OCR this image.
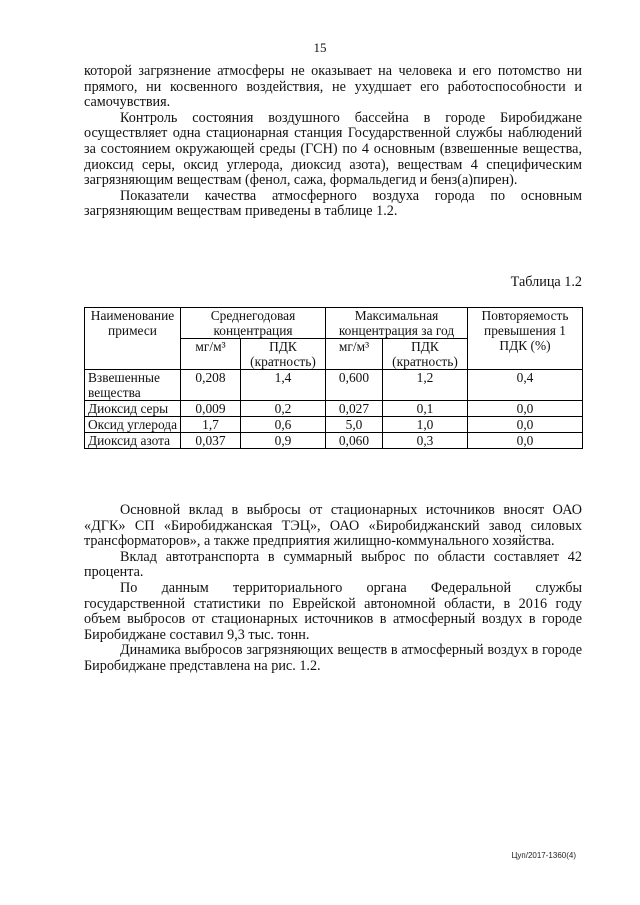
15

которой загрязнение атмосферы не оказывает на человека и его потомство ни прямого, ни косвенного воздействия, не ухудшает его работоспособности и самочувствия.

Контроль состояния воздушного бассейна в городе Биробиджане осуществляет одна стационарная станция Государственной службы наблюдений за состоянием окружающей среды (ГСН) по 4 основным (взвешенные вещества, диоксид серы, оксид углерода, диоксид азота), веществам 4 специфическим загрязняющим веществам (фенол, сажа, формальдегид и бенз(а)пирен).

Показатели качества атмосферного воздуха города по основным загрязняющим веществам приведены в таблице 1.2.

Таблица 1.2
Наименование примеси	Среднегодовая концентрация		Максимальная концентрация за год		Повторяемость превышения 1 ПДК (%)
	мг/м³	ПДК (кратность)	мг/м³	ПДК (кратность)	
Взвешенные вещества	0,208	1,4	0,600	1,2	0,4
Диоксид серы	0,009	0,2	0,027	0,1	0,0
Оксид углерода	1,7	0,6	5,0	1,0	0,0
Диоксид азота	0,037	0,9	0,060	0,3	0,0

Основной вклад в выбросы от стационарных источников вносят ОАО «ДГК» СП «Биробиджанская ТЭЦ», ОАО «Биробиджанский завод силовых трансформаторов», а также предприятия жилищно-коммунального хозяйства.

Вклад автотранспорта в суммарный выброс по области составляет 42 процента.

По данным территориального органа Федеральной службы государственной статистики по Еврейской автономной области, в 2016 году объем выбросов от стационарных источников в атмосферный воздух в городе Биробиджане составил 9,3 тыс. тонн.

Динамика выбросов загрязняющих веществ в атмосферный воздух в городе Биробиджане представлена на рис. 1.2.

Цуп/2017-1360(4)
